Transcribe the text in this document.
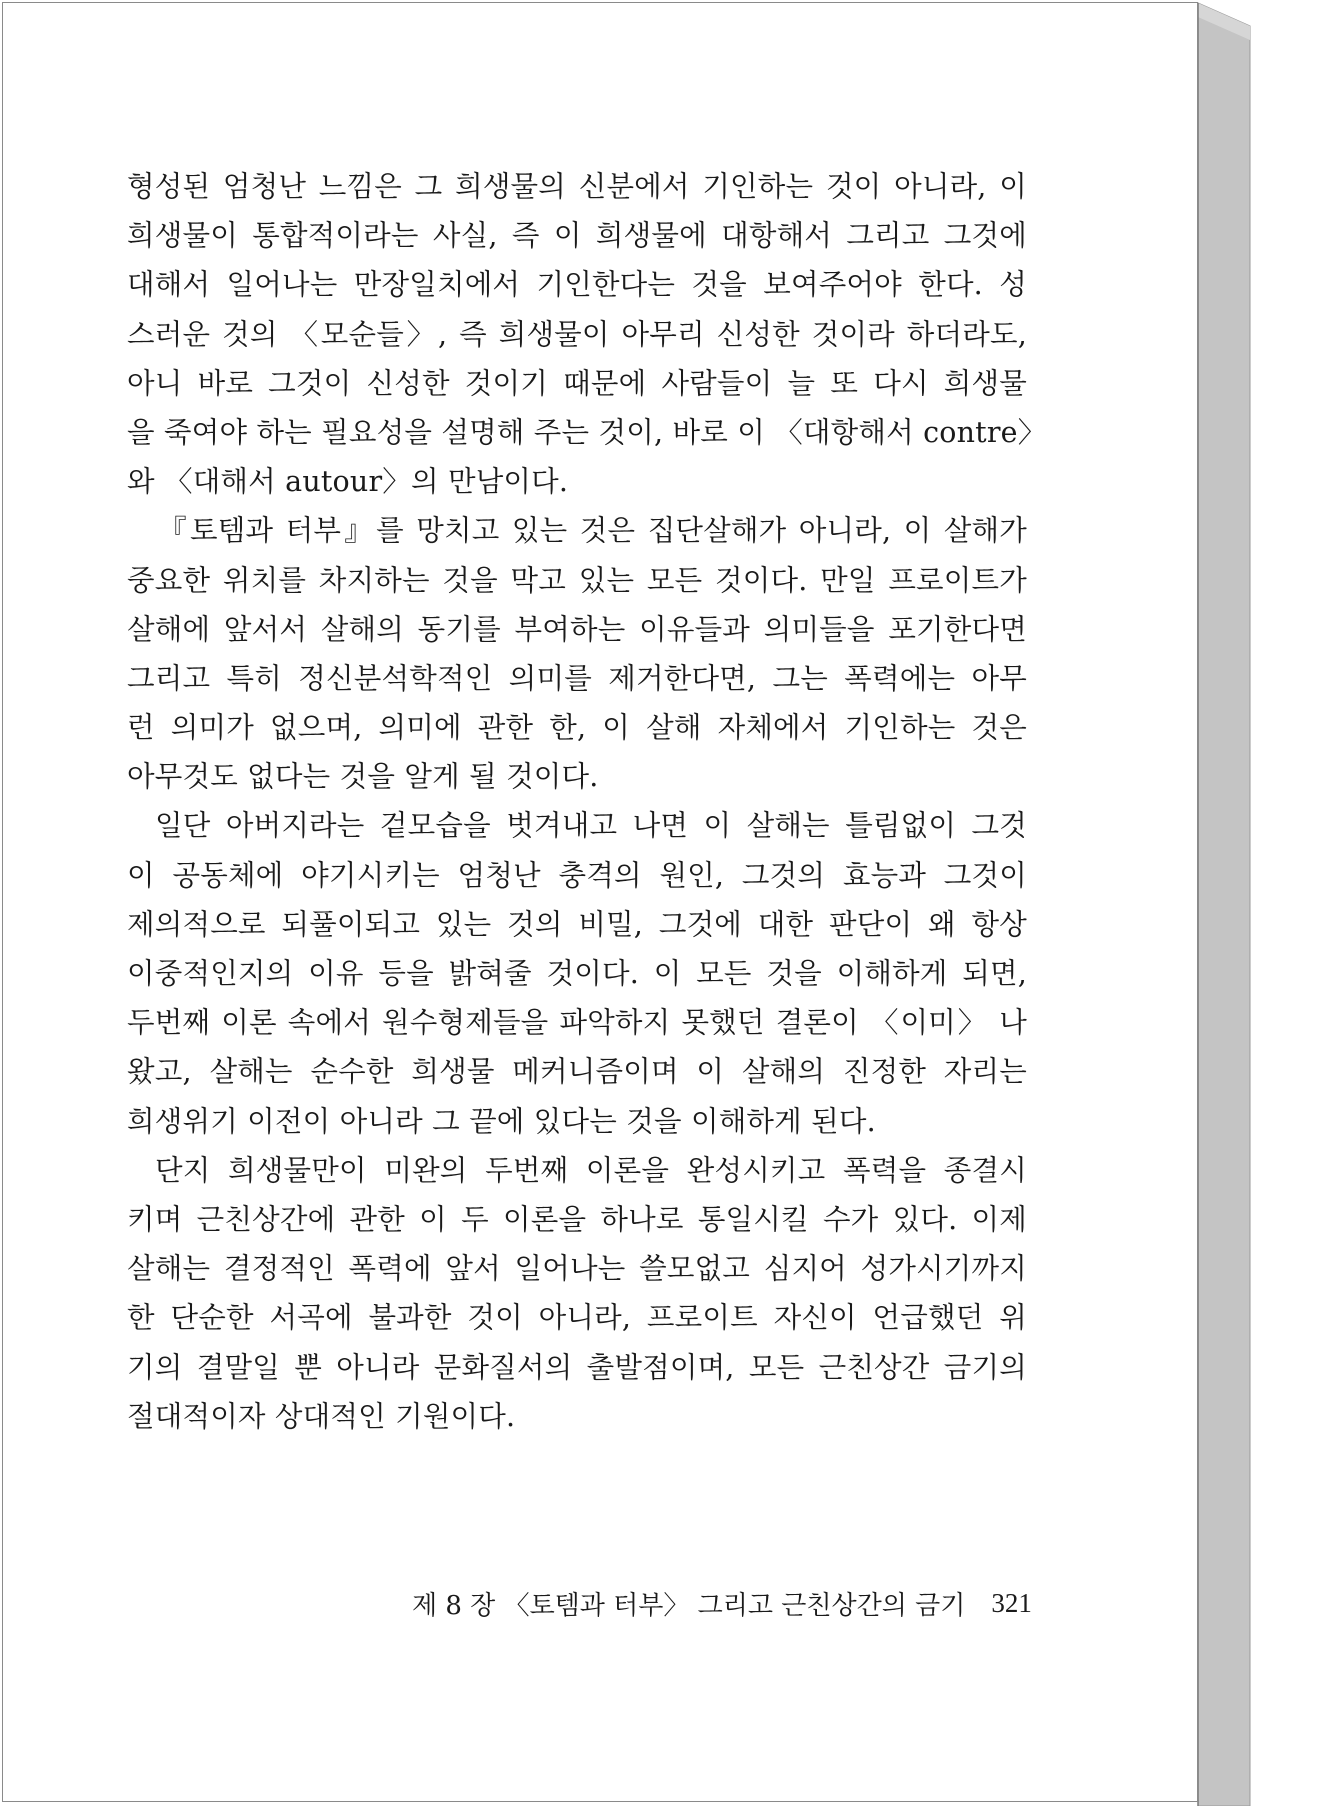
형성된 엄청난 느낌은 그 희생물의 신분에서 기인하는 것이 아니라, 이
희생물이 통합적이라는 사실, 즉 이 희생물에 대항해서 그리고 그것에
대해서 일어나는 만장일치에서 기인한다는 것을 보여주어야 한다. 성
스러운 것의 〈모순들〉, 즉 희생물이 아무리 신성한 것이라 하더라도,
아니 바로 그것이 신성한 것이기 때문에 사람들이 늘 또 다시 희생물
을 죽여야 하는 필요성을 설명해 주는 것이, 바로 이 〈대항해서 contre〉
와 〈대해서 autour〉의 만남이다.
『토템과 터부』를 망치고 있는 것은 집단살해가 아니라, 이 살해가
중요한 위치를 차지하는 것을 막고 있는 모든 것이다. 만일 프로이트가
살해에 앞서서 살해의 동기를 부여하는 이유들과 의미들을 포기한다면
그리고 특히 정신분석학적인 의미를 제거한다면, 그는 폭력에는 아무
런 의미가 없으며, 의미에 관한 한, 이 살해 자체에서 기인하는 것은
아무것도 없다는 것을 알게 될 것이다.
일단 아버지라는 겉모습을 벗겨내고 나면 이 살해는 틀림없이 그것
이 공동체에 야기시키는 엄청난 충격의 원인, 그것의 효능과 그것이
제의적으로 되풀이되고 있는 것의 비밀, 그것에 대한 판단이 왜 항상
이중적인지의 이유 등을 밝혀줄 것이다. 이 모든 것을 이해하게 되면,
두번째 이론 속에서 원수형제들을 파악하지 못했던 결론이 〈이미〉 나
왔고, 살해는 순수한 희생물 메커니즘이며 이 살해의 진정한 자리는
희생위기 이전이 아니라 그 끝에 있다는 것을 이해하게 된다.
단지 희생물만이 미완의 두번째 이론을 완성시키고 폭력을 종결시
키며 근친상간에 관한 이 두 이론을 하나로 통일시킬 수가 있다. 이제
살해는 결정적인 폭력에 앞서 일어나는 쓸모없고 심지어 성가시기까지
한 단순한 서곡에 불과한 것이 아니라, 프로이트 자신이 언급했던 위
기의 결말일 뿐 아니라 문화질서의 출발점이며, 모든 근친상간 금기의
절대적이자 상대적인 기원이다.
제 8 장 〈토템과 터부〉 그리고 근친상간의 금기 321
